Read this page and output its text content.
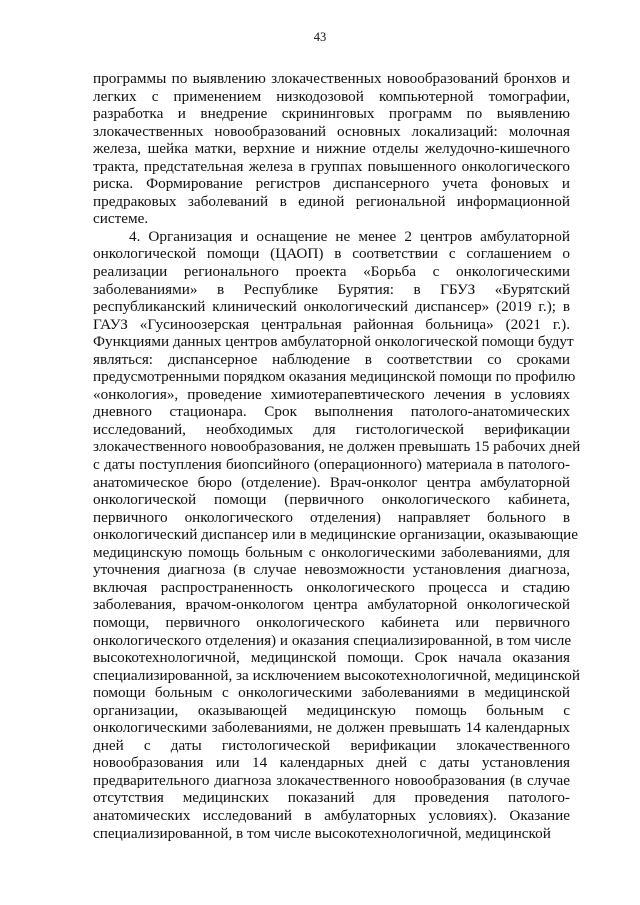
43

программы по выявлению злокачественных новообразований бронхов и
легких с применением низкодозовой компьютерной томографии,
разработка и внедрение скрининговых программ по выявлению
злокачественных новообразований основных локализаций: молочная
железа, шейка матки, верхние и нижние отделы желудочно-кишечного
тракта, предстательная железа в группах повышенного онкологического
риска. Формирование регистров диспансерного учета фоновых и
предраковых заболеваний в единой региональной информационной
системе.

4. Организация и оснащение не менее 2 центров амбулаторной
онкологической помощи (ЦАОП) в соответствии с соглашением о
реализации регионального проекта «Борьба с онкологическими
заболеваниями» в Республике Бурятия: в ГБУЗ «Бурятский
республиканский клинический онкологический диспансер» (2019 г.); в
ГАУЗ «Гусиноозерская центральная районная больница» (2021 г.).
Функциями данных центров амбулаторной онкологической помощи будут
являться: диспансерное наблюдение в соответствии со сроками
предусмотренными порядком оказания медицинской помощи по профилю
«онкология», проведение химиотерапевтического лечения в условиях
дневного стационара. Срок выполнения патолого-анатомических
исследований, необходимых для гистологической верификации
злокачественного новообразования, не должен превышать 15 рабочих дней
с даты поступления биопсийного (операционного) материала в патолого-
анатомическое бюро (отделение). Врач-онколог центра амбулаторной
онкологической помощи (первичного онкологического кабинета,
первичного онкологического отделения) направляет больного в
онкологический диспансер или в медицинские организации, оказывающие
медицинскую помощь больным с онкологическими заболеваниями, для
уточнения диагноза (в случае невозможности установления диагноза,
включая распространенность онкологического процесса и стадию
заболевания, врачом-онкологом центра амбулаторной онкологической
помощи, первичного онкологического кабинета или первичного
онкологического отделения) и оказания специализированной, в том числе
высокотехнологичной, медицинской помощи. Срок начала оказания
специализированной, за исключением высокотехнологичной, медицинской
помощи больным с онкологическими заболеваниями в медицинской
организации, оказывающей медицинскую помощь больным с
онкологическими заболеваниями, не должен превышать 14 календарных
дней с даты гистологической верификации злокачественного
новообразования или 14 календарных дней с даты установления
предварительного диагноза злокачественного новообразования (в случае
отсутствия медицинских показаний для проведения патолого-
анатомических исследований в амбулаторных условиях). Оказание
специализированной, в том числе высокотехнологичной, медицинской
